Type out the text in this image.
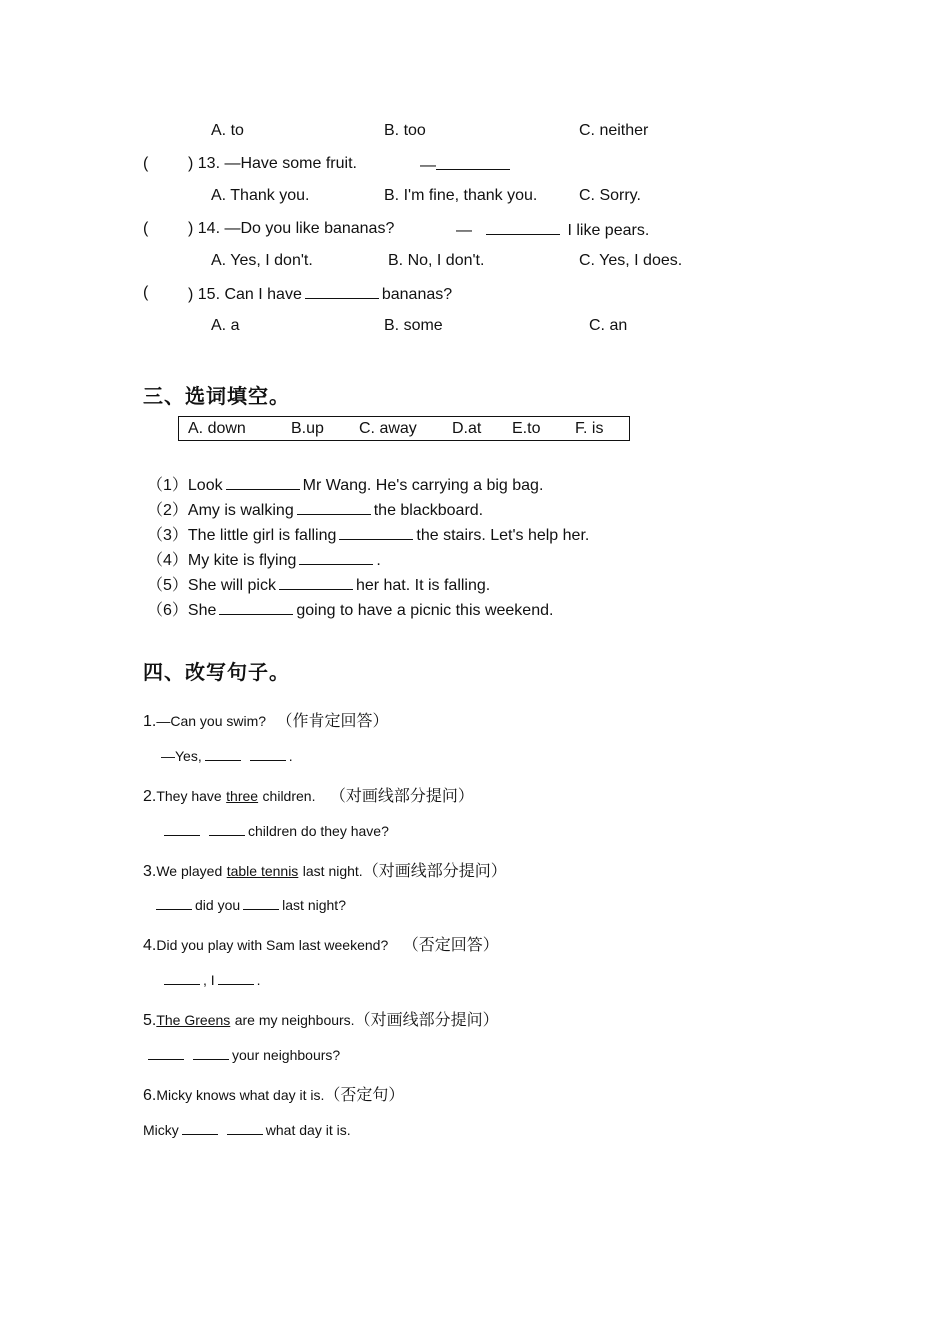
A. to	B. too	C. neither
( ) 13. —Have some fruit.	—
A. Thank you.	B. I'm fine, thank you.	C. Sorry.
( ) 14. —Do you like bananas?	—	I like pears.
A. Yes, I don't.	B. No, I don't.	C. Yes, I does.
( ) 15. Can I have	bananas?
A. a	B. some	C. an
三、选词填空。
A. down	B.up C. away D.at E.to F. is
（1）Look	Mr Wang. He's carrying a big bag.
（2）Amy is walking	the blackboard.
（3）The little girl is falling	the stairs. Let's help her.
（4）My kite is flying	.
（5）She will pick	her hat. It is falling.
（6）She	going to have a picnic this weekend.
四、改写句子。
1.—Can you swim? （作肯定回答）
—Yes,	.
2.They have three children. （对画线部分提问）
children do they have?
3.We played table tennis last night.（对画线部分提问）
did you	last night?
4.Did you play with Sam last weekend? （否定回答）
, I	.
5.The Greens are my neighbours.（对画线部分提问）
your neighbours?
6.Micky knows what day it is.（否定句）
Micky	what day it is.
